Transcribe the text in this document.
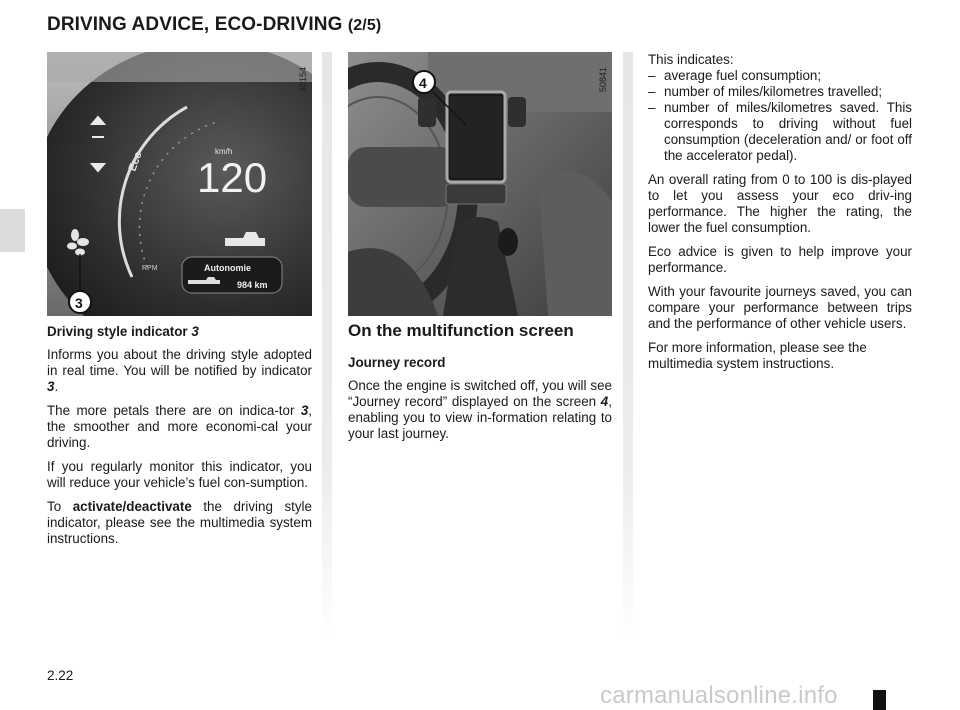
DRIVING ADVICE, ECO-DRIVING (2/5)
km/h
120
Eco
RPM	Autonomie
984 km
3
40154	4	50841

Driving style indicator 3

Informs you about the driving style adopted in real time. You will be notified by indicator 3.

The more petals there are on indica-tor 3, the smoother and more economi-cal your driving.

If you regularly monitor this indicator, you will reduce your vehicle’s fuel con-sumption.

To activate/deactivate the driving style indicator, please see the multimedia system instructions.

On the multifunction screen

Journey record

Once the engine is switched off, you will see “Journey record” displayed on the screen 4, enabling you to view in-formation relating to your last journey.

This indicates:

– average fuel consumption;
– number of miles/kilometres travelled;
– number of miles/kilometres saved. This corresponds to driving without fuel consumption (deceleration and/ or foot off the accelerator pedal).

An overall rating from 0 to 100 is dis-played to let you assess your eco driv-ing performance. The higher the rating, the lower the fuel consumption.

Eco advice is given to help improve your performance.

With your favourite journeys saved, you can compare your performance between trips and the performance of other vehicle users.

For more information, please see the multimedia system instructions.

2.22
carmanualsonline.info
